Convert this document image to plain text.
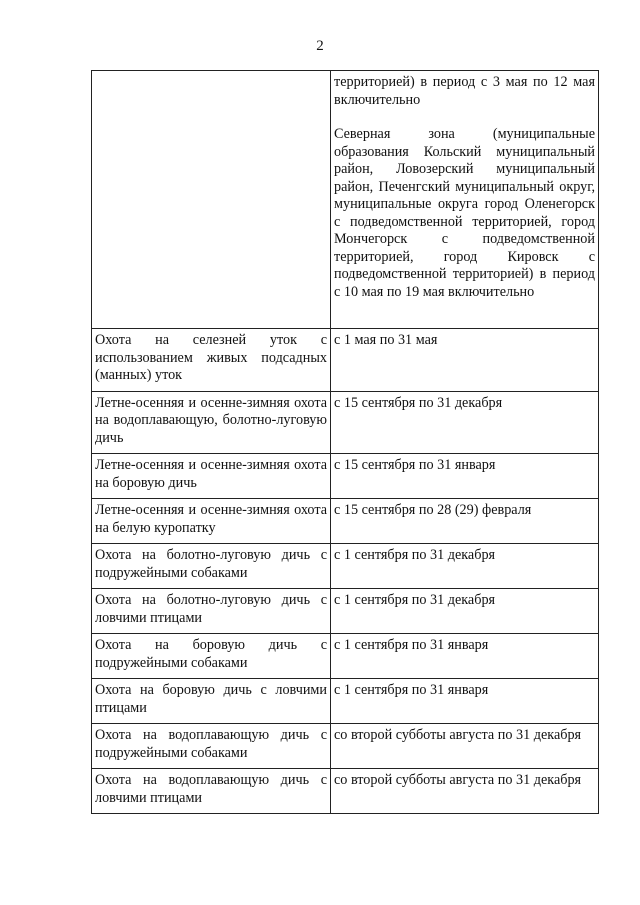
2

	территорией) в период с 3 мая по 12 мая включительно
Северная зона (муниципальные образования Кольский муниципальный район, Ловозерский муниципальный район, Печенгский муниципальный округ, муниципальные округа город Оленегорск с подведомственной территорией, город Мончегорск с подведомственной территорией, город Кировск с подведомственной территорией) в период с 10 мая по 19 мая включительно

Охота на селезней уток с использованием живых подсадных (манных) уток	с 1 мая по 31 мая
Летне-осенняя и осенне-зимняя охота на водоплавающую, болотно-луговую дичь	с 15 сентября по 31 декабря
Летне-осенняя и осенне-зимняя охота на боровую дичь	с 15 сентября по 31 января
Летне-осенняя и осенне-зимняя охота на белую куропатку	с 15 сентября по 28 (29) февраля
Охота на болотно-луговую дичь с подружейными собаками	с 1 сентября по 31 декабря
Охота на болотно-луговую дичь с ловчими птицами	с 1 сентября по 31 декабря
Охота на боровую дичь с подружейными собаками	с 1 сентября по 31 января
Охота на боровую дичь с ловчими птицами	с 1 сентября по 31 января
Охота на водоплавающую дичь с подружейными собаками	со второй субботы августа по 31 декабря
Охота на водоплавающую дичь с ловчими птицами	со второй субботы августа по 31 декабря
